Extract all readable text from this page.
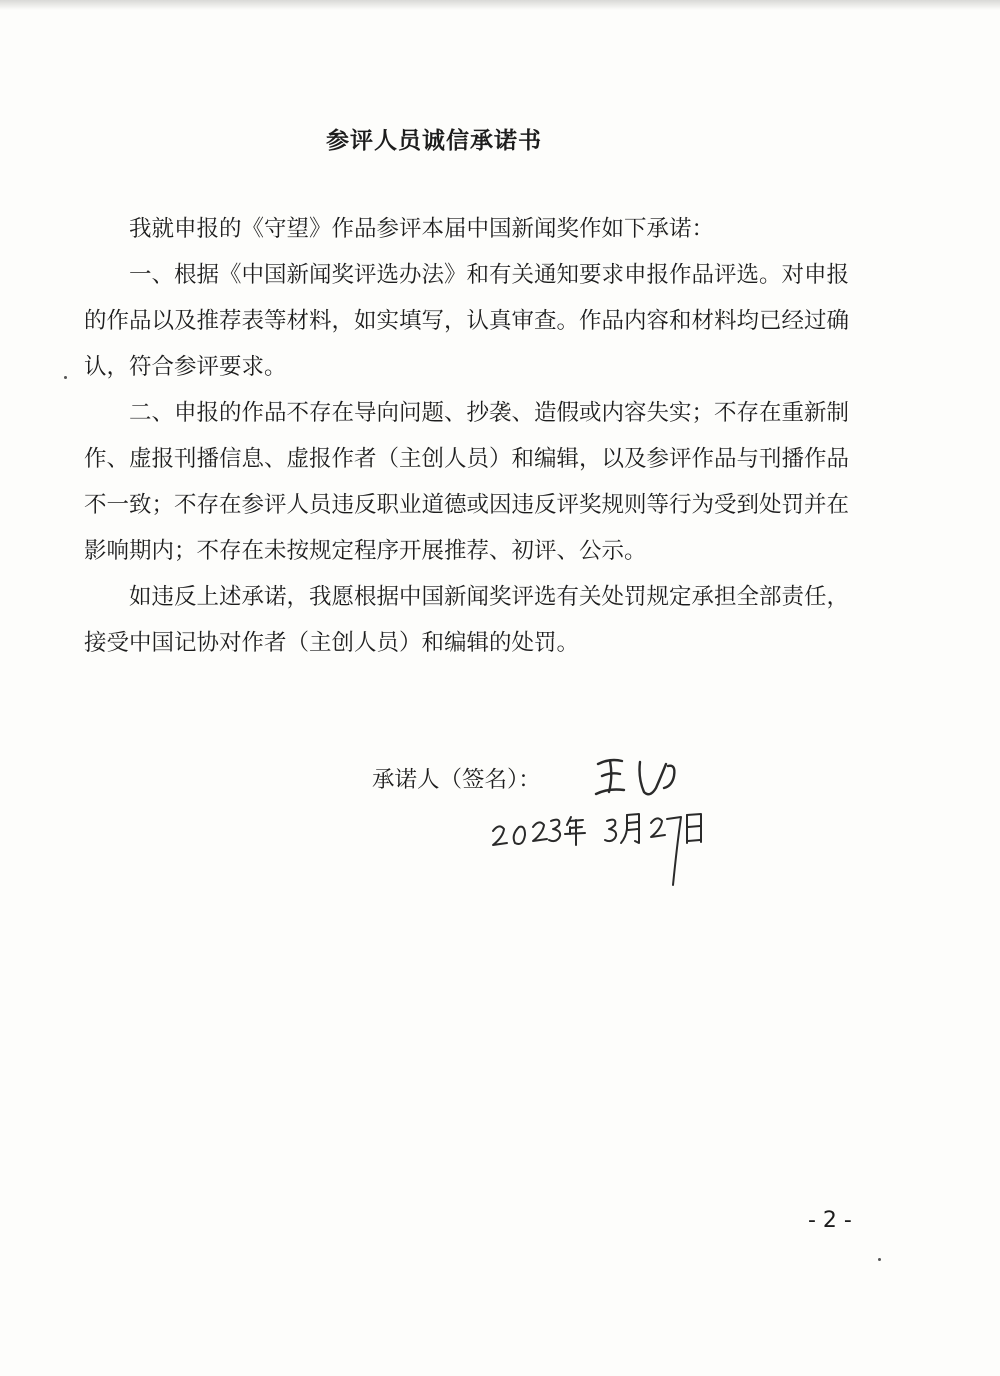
参评人员诚信承诺书

我就申报的《守望》作品参评本届中国新闻奖作如下承诺：

一、根据《中国新闻奖评选办法》和有关通知要求申报作品评选。对申报的作品以及推荐表等材料，如实填写，认真审查。作品内容和材料均已经过确认，符合参评要求。

二、申报的作品不存在导向问题、抄袭、造假或内容失实；不存在重新制作、虚报刊播信息、虚报作者（主创人员）和编辑，以及参评作品与刊播作品不一致；不存在参评人员违反职业道德或因违反评奖规则等行为受到处罚并在影响期内；不存在未按规定程序开展推荐、初评、公示。

如违反上述承诺，我愿根据中国新闻奖评选有关处罚规定承担全部责任，接受中国记协对作者（主创人员）和编辑的处罚。

承诺人（签名）：
- 2 -
